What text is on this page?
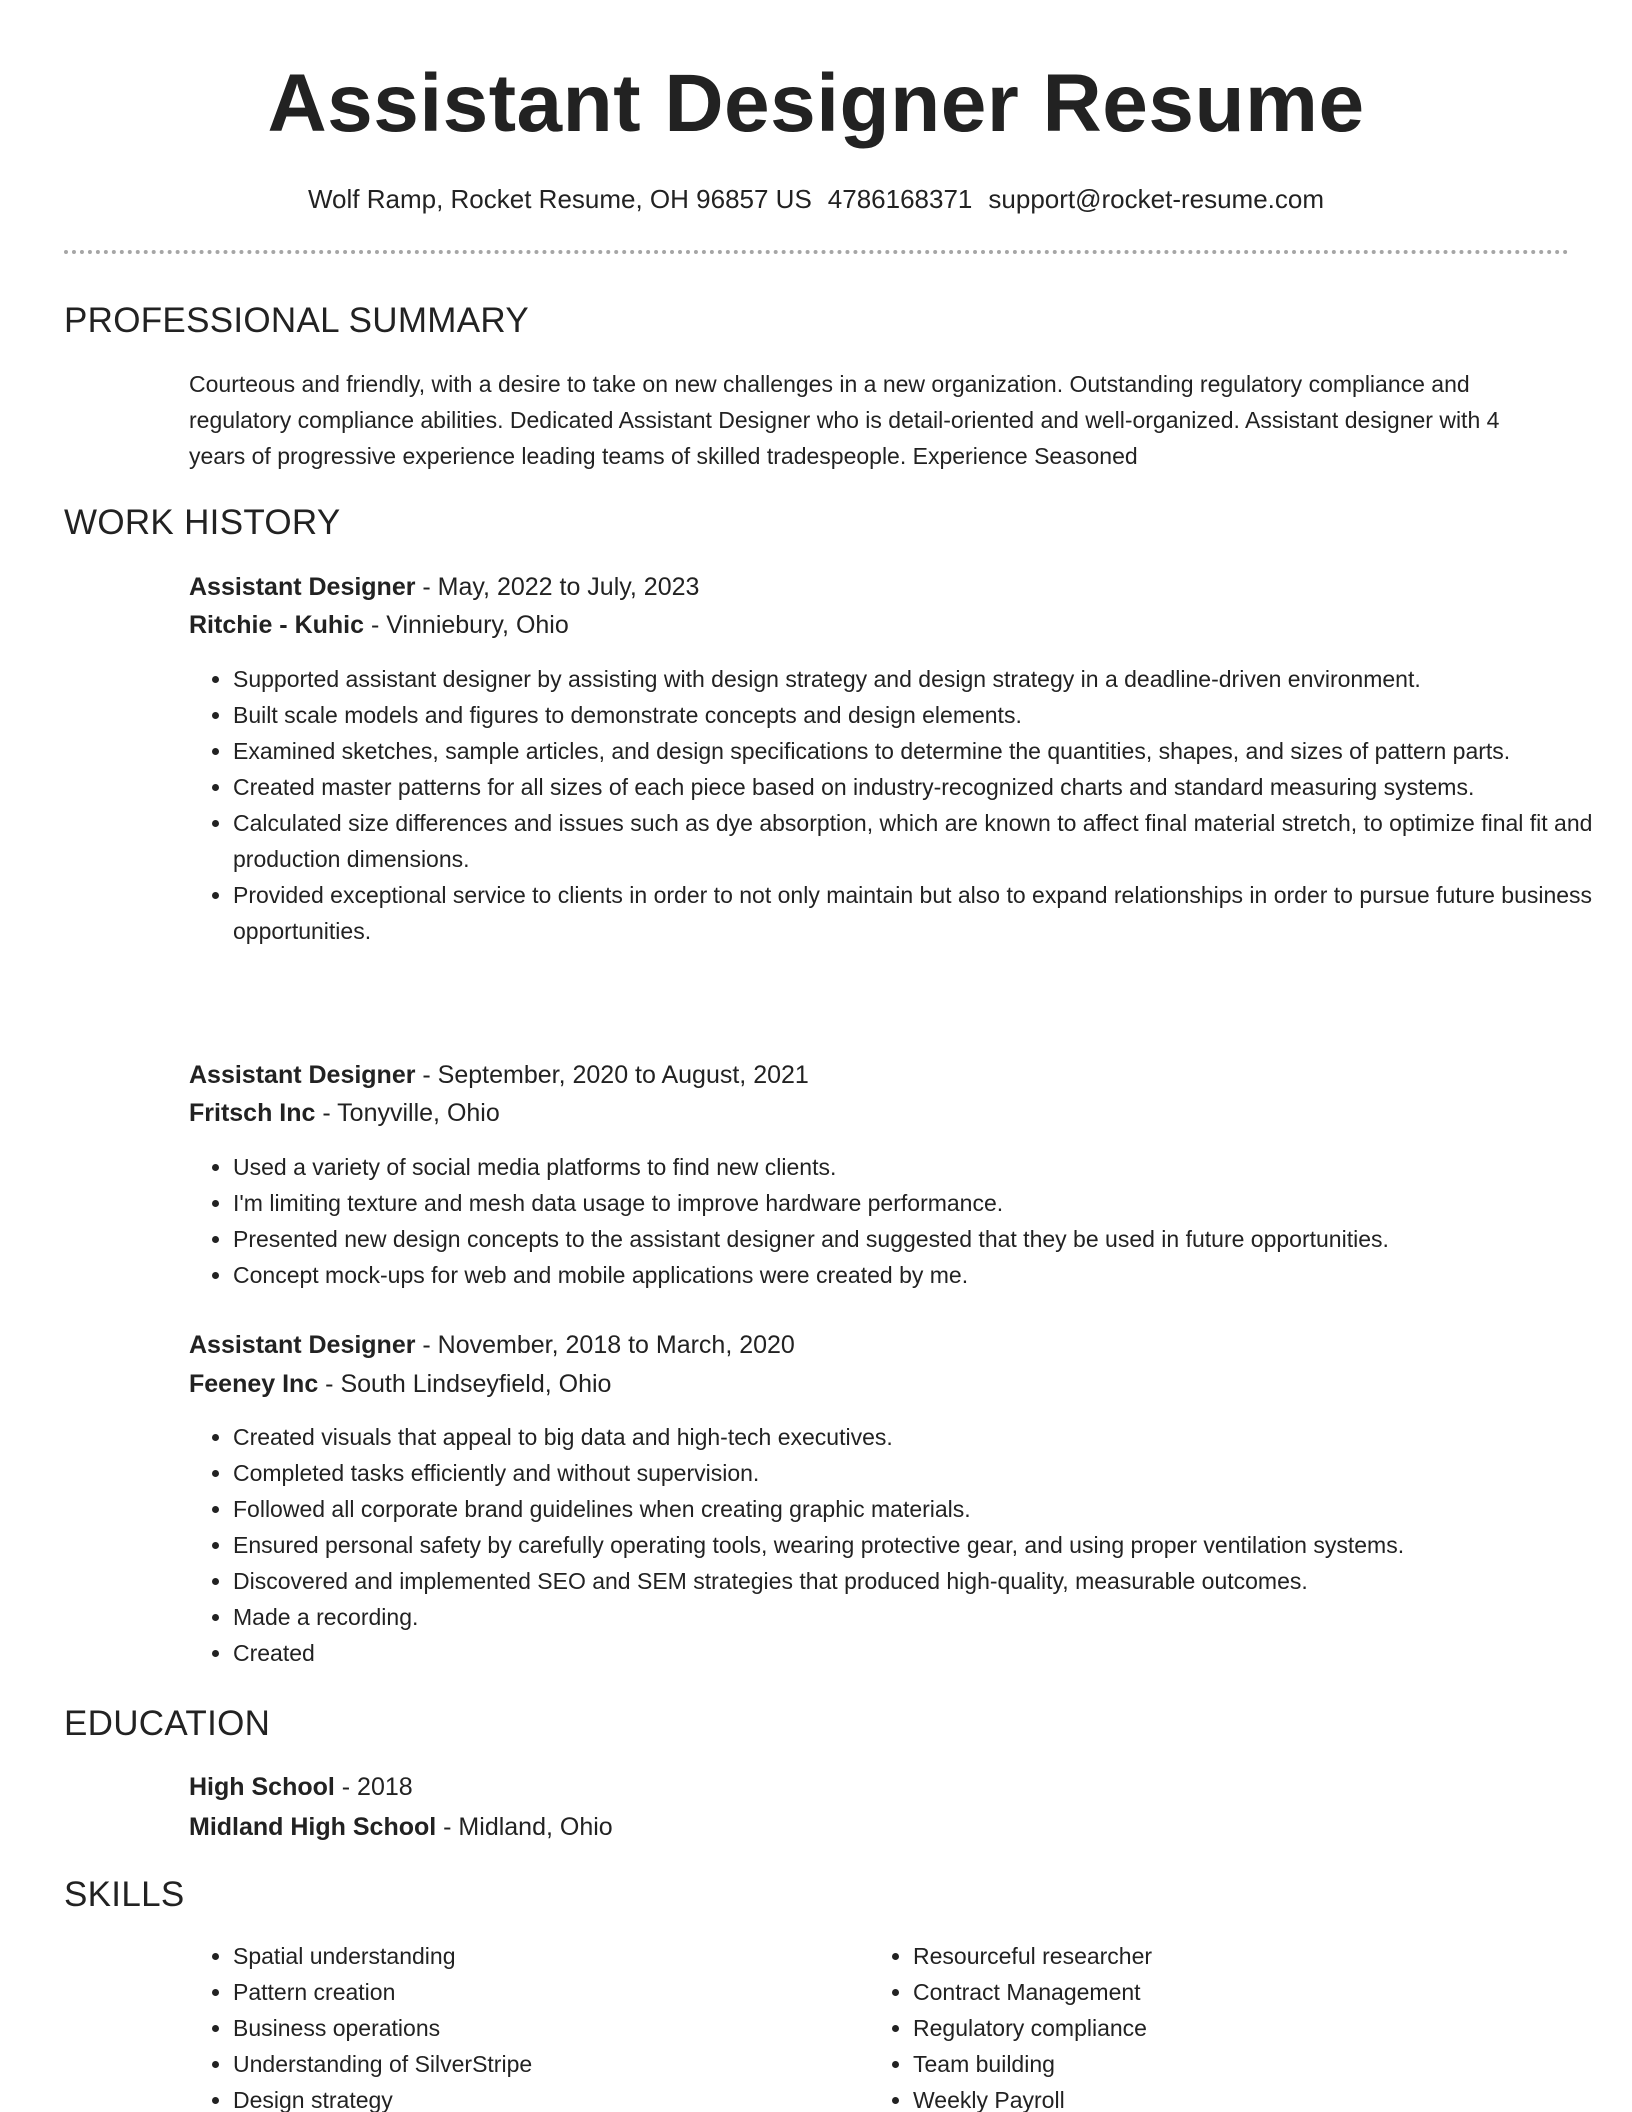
Assistant Designer Resume
Wolf Ramp, Rocket Resume, OH 96857 US 4786168371 support@rocket-resume.com
PROFESSIONAL SUMMARY
Courteous and friendly, with a desire to take on new challenges in a new organization. Outstanding regulatory compliance and regulatory compliance abilities. Dedicated Assistant Designer who is detail-oriented and well-organized. Assistant designer with 4 years of progressive experience leading teams of skilled tradespeople. Experience Seasoned
WORK HISTORY
Assistant Designer - May, 2022 to July, 2023
Ritchie - Kuhic - Vinniebury, Ohio
• Supported assistant designer by assisting with design strategy and design strategy in a deadline-driven environment.
• Built scale models and figures to demonstrate concepts and design elements.
• Examined sketches, sample articles, and design specifications to determine the quantities, shapes, and sizes of pattern parts.
• Created master patterns for all sizes of each piece based on industry-recognized charts and standard measuring systems.
• Calculated size differences and issues such as dye absorption, which are known to affect final material stretch, to optimize final fit and production dimensions.
• Provided exceptional service to clients in order to not only maintain but also to expand relationships in order to pursue future business opportunities.
Assistant Designer - September, 2020 to August, 2021
Fritsch Inc - Tonyville, Ohio
• Used a variety of social media platforms to find new clients.
• I'm limiting texture and mesh data usage to improve hardware performance.
• Presented new design concepts to the assistant designer and suggested that they be used in future opportunities.
• Concept mock-ups for web and mobile applications were created by me.
Assistant Designer - November, 2018 to March, 2020
Feeney Inc - South Lindseyfield, Ohio
• Created visuals that appeal to big data and high-tech executives.
• Completed tasks efficiently and without supervision.
• Followed all corporate brand guidelines when creating graphic materials.
• Ensured personal safety by carefully operating tools, wearing protective gear, and using proper ventilation systems.
• Discovered and implemented SEO and SEM strategies that produced high-quality, measurable outcomes.
• Made a recording.
• Created
EDUCATION
High School - 2018
Midland High School - Midland, Ohio
SKILLS
• Spatial understanding
• Pattern creation
• Business operations
• Understanding of SilverStripe
• Design strategy
• Resourceful researcher
• Contract Management
• Regulatory compliance
• Team building
• Weekly Payroll
